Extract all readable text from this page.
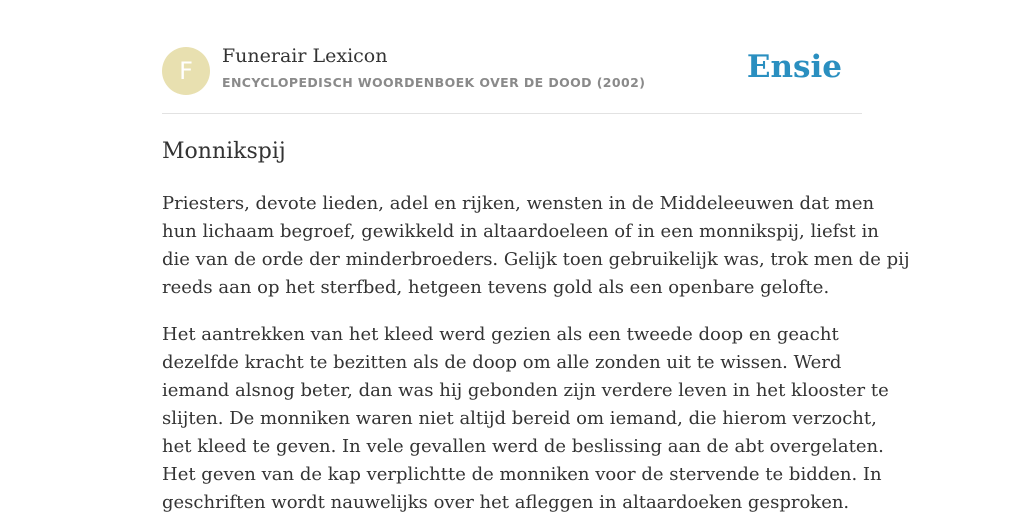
F
Funerair Lexicon
ENCYCLOPEDISCH WOORDENBOEK OVER DE DOOD (2002)	Ensie
Monnikspij

Priesters, devote lieden, adel en rijken, wensten in de Middeleeuwen dat men
hun lichaam begroef, gewikkeld in altaardoeleen of in een monnikspij, liefst in
die van de orde der minderbroeders. Gelijk toen gebruikelijk was, trok men de pij
reeds aan op het sterfbed, hetgeen tevens gold als een openbare gelofte.

Het aantrekken van het kleed werd gezien als een tweede doop en geacht
dezelfde kracht te bezitten als de doop om alle zonden uit te wissen. Werd
iemand alsnog beter, dan was hij gebonden zijn verdere leven in het klooster te
slijten. De monniken waren niet altijd bereid om iemand, die hierom verzocht,
het kleed te geven. In vele gevallen werd de beslissing aan de abt overgelaten.
Het geven van de kap verplichtte de monniken voor de stervende te bidden. In
geschriften wordt nauwelijks over het afleggen in altaardoeken gesproken.
